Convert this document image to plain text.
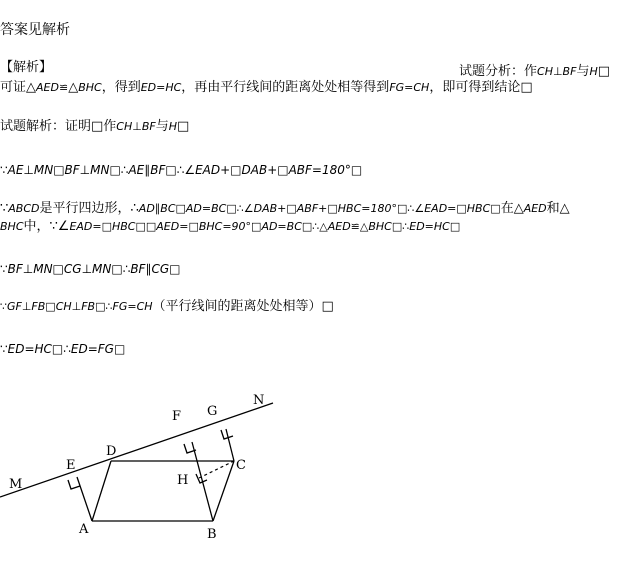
答案见解析
【解析】	试题分析：作CH⊥BF与H□
可证△AED≌△BHC，得到ED=HC，再由平行线间的距离处处相等得到FG=CH，即可得到结论□
试题解析：证明□作CH⊥BF与H□
∵AE⊥MN□BF⊥MN□∴AE∥BF□∴∠EAD+□DAB+□ABF=180°□
∵ABCD是平行四边形，∴AD∥BC□AD=BC□∴∠DAB+□ABF+□HBC=180°□∴∠EAD=□HBC□在△AED和△
BHC中，∵∠EAD=□HBC□□AED=□BHC=90°□AD=BC□∴△AED≌△BHC□∴ED=HC□
∵BF⊥MN□CG⊥MN□∴BF∥CG□
∵GF⊥FB□CH⊥FB□∴FG=CH（平行线间的距离处处相等）□
∵ED=HC□∴ED=FG□
M
E
D
F G
N
H
C
A	B
